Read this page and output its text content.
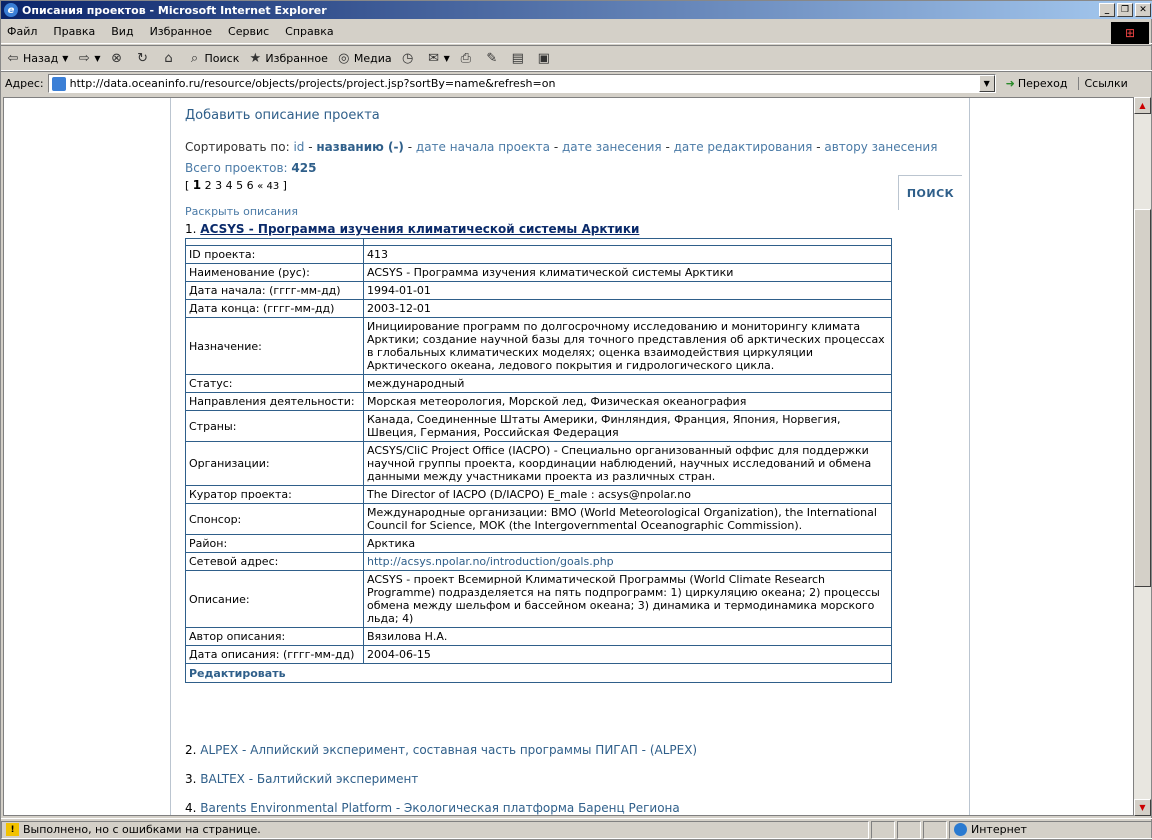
e Описания проектов - Microsoft Internet Explorer	_	❐	✕
Файл Правка Вид Избранное Сервис Справка	⊞
⇦ Назад ▼ ⇨ ▼ ⊗ ↻ ⌂	⌕ Поиск ★ Избранное ◎ Медиа ◷ ✉ ▼ ⎙ ✎ ▤ ▣
Адрес: http://data.oceaninfo.ru/resource/objects/projects/project.jsp?sortBy=name&refresh=on	▼	➜ Переход	Ссылки
Добавить описание проекта
Сортировать по: id - названию (-) - дате начала проекта - дате занесения - дате редактирования - автору занесения
Всего проектов: 425
[ 1 2 3 4 5 6 « 43 ]
ПОИСК
Раскрыть описания
1. ACSYS - Программа изучения климатической системы Арктики

ID проекта:	413
Наименование (рус):	ACSYS - Программа изучения климатической системы Арктики
Дата начала: (гггг-мм-дд)	1994-01-01
Дата конца: (гггг-мм-дд)	2003-12-01
Назначение:	Инициирование программ по долгосрочному исследованию и мониторингу климата Арктики; создание научной базы для точного представления об арктических процессах в глобальных климатических моделях; оценка взаимодействия циркуляции Арктического океана, ледового покрытия и гидрологического цикла.
Статус:	международный
Направления деятельности:	Морская метеорология, Морской лед, Физическая океанография
Страны:	Канада, Соединенные Штаты Америки, Финляндия, Франция, Япония, Норвегия, Швеция, Германия, Российская Федерация
Организации:	ACSYS/CliC Project Office (IACPO) - Специально организованный оффис для поддержки научной группы проекта, координации наблюдений, научных исследований и обмена данными между участниками проекта из различных стран.
Куратор проекта:	The Director of IACPO (D/IACPO) E_male : acsys@npolar.no
Спонсор:	Международные организации: ВМО (World Meteorological Organization), the International Council for Science, МОК (the Intergovernmental Oceanographic Commission).
Район:	Арктика
Сетевой адрес:	http://acsys.npolar.no/introduction/goals.php
Описание:	ACSYS - проект Всемирной Климатической Программы (World Climate Research Programme) подразделяется на пять подпрограмм: 1) циркуляцию океана; 2) процессы обмена между шельфом и бассейном океана; 3) динамика и термодинамика морского льда; 4)
Автор описания:	Вязилова Н.А.
Дата описания: (гггг-мм-дд)	2004-06-15
Редактировать	
2. ALPEX - Алпийский эксперимент, составная часть программы ПИГАП - (ALPEX)
3. BALTEX - Балтийский эксперимент
4. Barents Environmental Platform - Экологическая платформа Баренц Региона
▲
▼
! Выполнено, но с ошибками на странице.	Интернет
